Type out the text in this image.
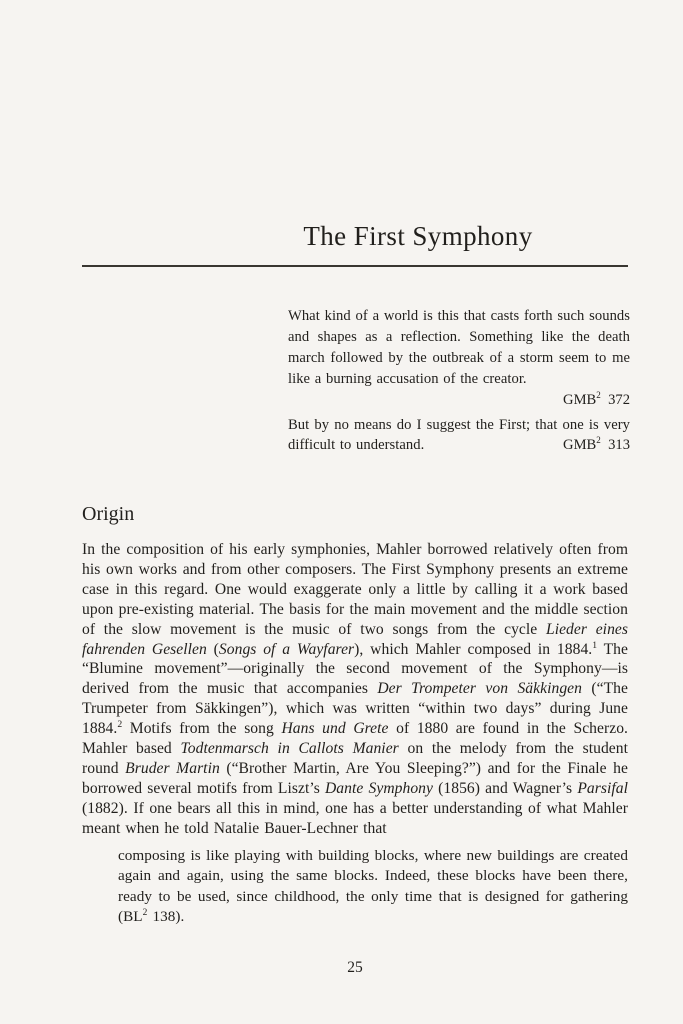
The First Symphony

What kind of a world is this that casts forth such sounds and shapes as a reflection. Something like the death march followed by the outbreak of a storm seem to me like a burning accusation of the creator.

GMB$^2$ 372

But by no means do I suggest the First; that one is very difficult to understand.	GMB$^2$ 313
Origin

In the composition of his early symphonies, Mahler borrowed relatively often from his own works and from other composers. The First Symphony presents an extreme case in this regard. One would exaggerate only a little by calling it a work based upon pre-existing material. The basis for the main movement and the middle section of the slow movement is the music of two songs from the cycle Lieder eines fahrenden Gesellen (Songs of a Wayfarer), which Mahler composed in 1884.$^1$ The “Blumine movement”—originally the second movement of the Symphony—is derived from the music that accompanies Der Trompeter von Säkkingen (“The Trumpeter from Säkkingen”), which was written “within two days” during June 1884.$^2$ Motifs from the song Hans und Grete of 1880 are found in the Scherzo. Mahler based Todtenmarsch in Callots Manier on the melody from the student round Bruder Martin (“Brother Martin, Are You Sleeping?”) and for the Finale he borrowed several motifs from Liszt’s Dante Symphony (1856) and Wagner’s Parsifal (1882). If one bears all this in mind, one has a better understanding of what Mahler meant when he told Natalie Bauer-Lechner that

composing is like playing with building blocks, where new buildings are created again and again, using the same blocks. Indeed, these blocks have been there, ready to be used, since childhood, the only time that is designed for gathering ($BL^2$ 138).
25
